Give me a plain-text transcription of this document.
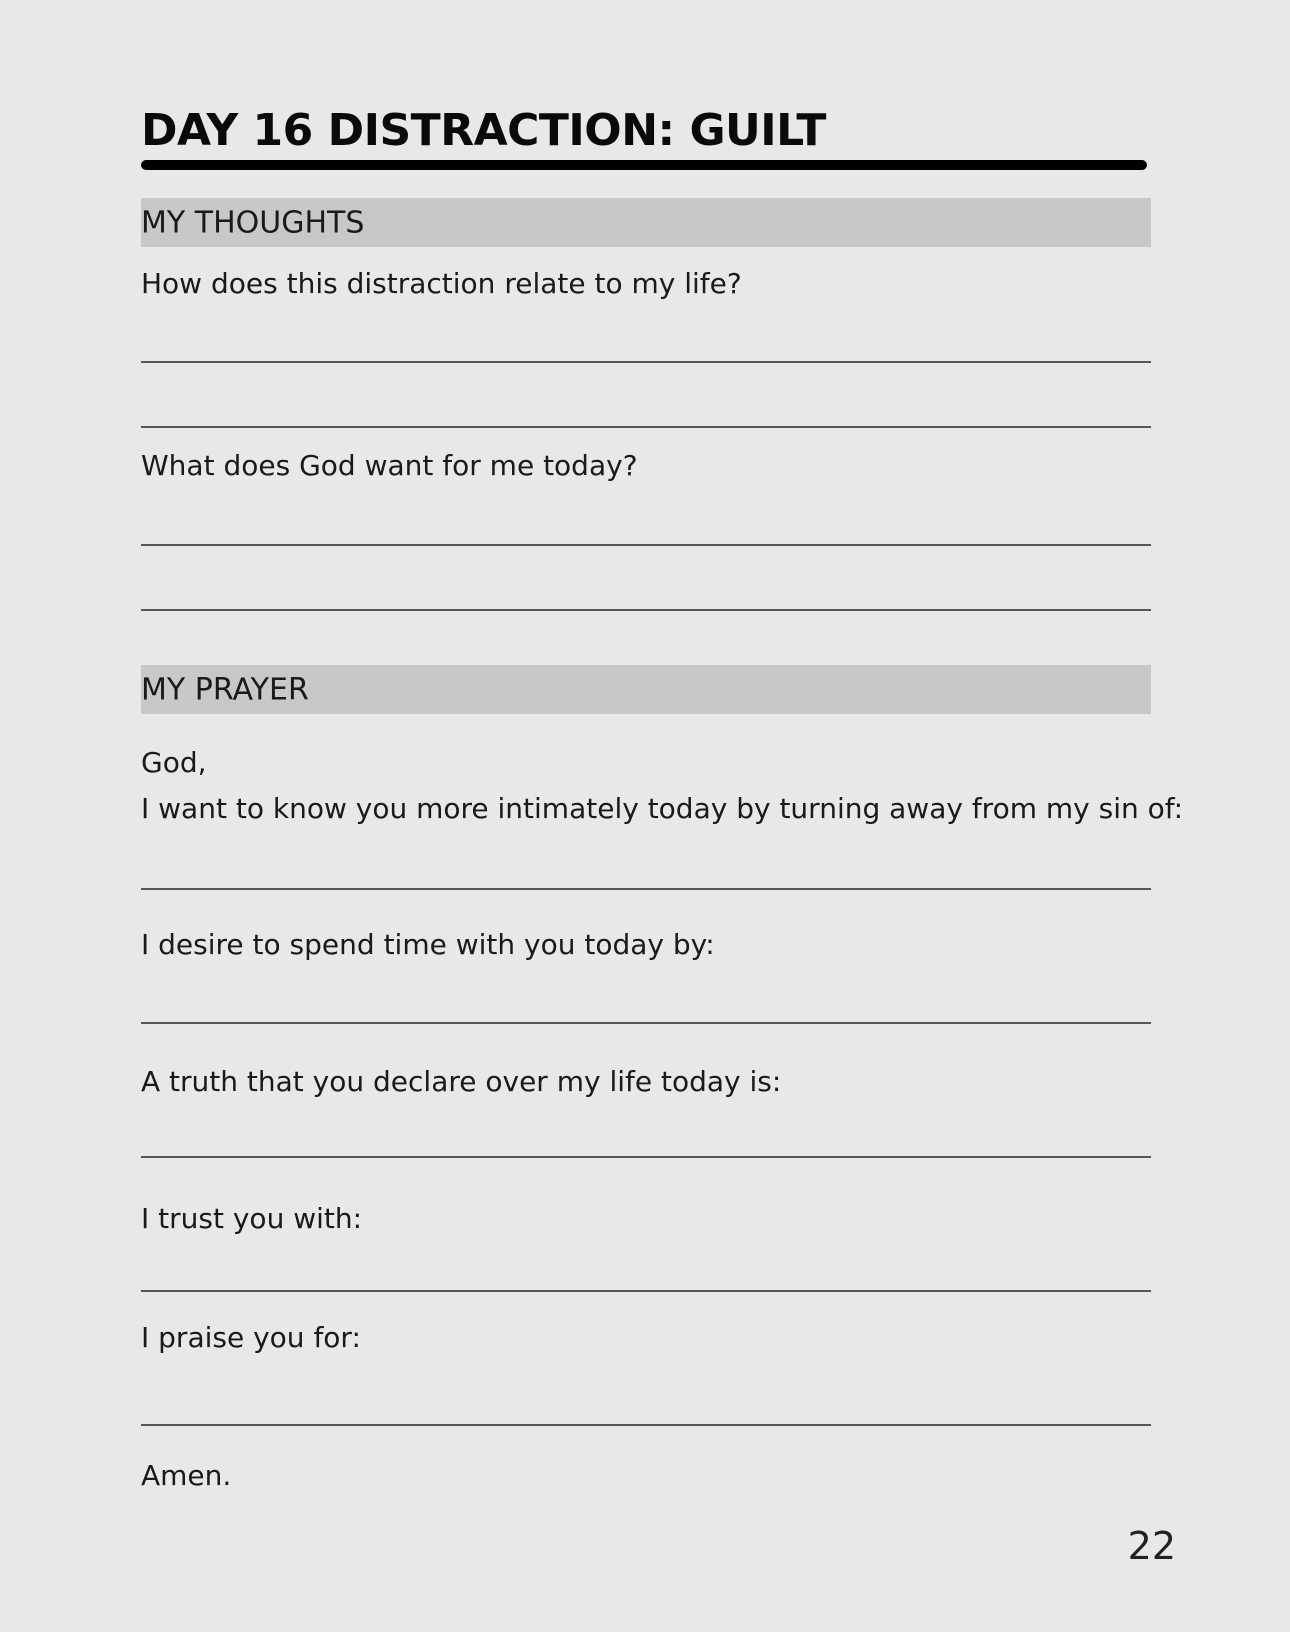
DAY 16 DISTRACTION: GUILT
MY THOUGHTS
How does this distraction relate to my life?
What does God want for me today?
MY PRAYER
God,
I want to know you more intimately today by turning away from my sin of:
I desire to spend time with you today by:
A truth that you declare over my life today is:
I trust you with:
I praise you for:
Amen.
22
